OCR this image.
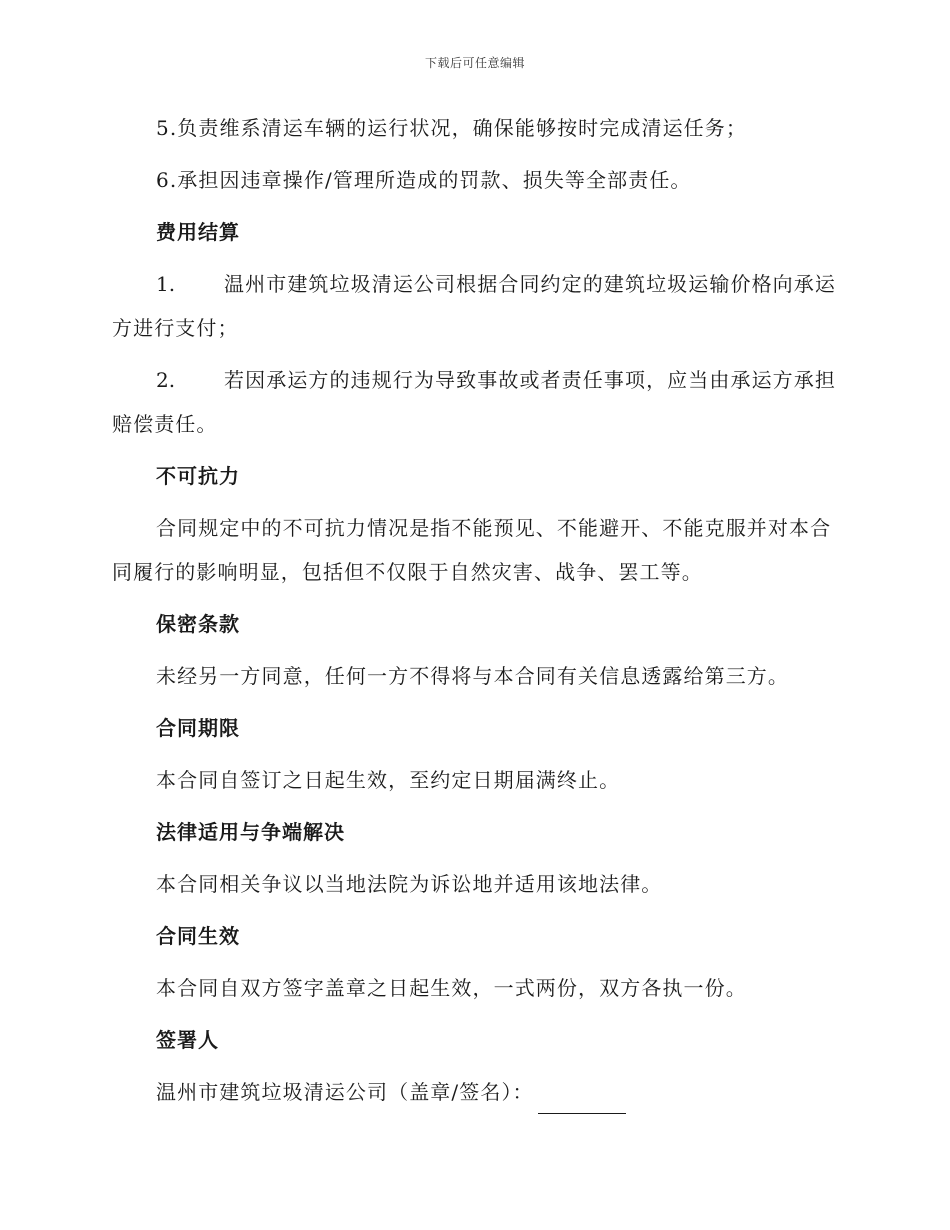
下载后可任意编辑

5.负责维系清运车辆的运行状况，确保能够按时完成清运任务；

6.承担因违章操作/管理所造成的罚款、损失等全部责任。

费用结算

1. 温州市建筑垃圾清运公司根据合同约定的建筑垃圾运输价格向承运方进行支付；

2. 若因承运方的违规行为导致事故或者责任事项，应当由承运方承担赔偿责任。

不可抗力

合同规定中的不可抗力情况是指不能预见、不能避开、不能克服并对本合同履行的影响明显，包括但不仅限于自然灾害、战争、罢工等。

保密条款

未经另一方同意，任何一方不得将与本合同有关信息透露给第三方。

合同期限

本合同自签订之日起生效，至约定日期届满终止。

法律适用与争端解决

本合同相关争议以当地法院为诉讼地并适用该地法律。

合同生效

本合同自双方签字盖章之日起生效，一式两份，双方各执一份。

签署人

温州市建筑垃圾清运公司（盖章/签名）：
